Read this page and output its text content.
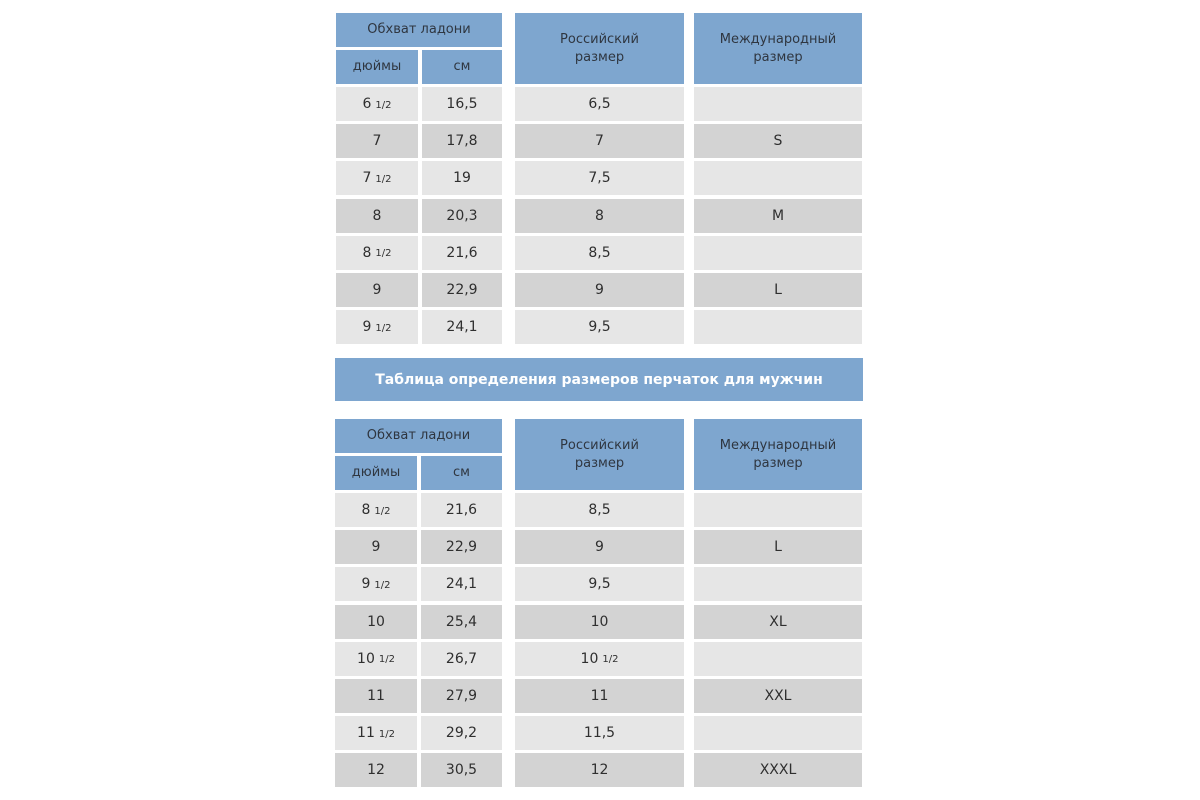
Обхват ладони
дюймы	см
Российский
размер
Международный
размер
6 1/2	16,5	6,5
7	17,8	7	S
7 1/2	19	7,5
8	20,3	8	M
8 1/2	21,6	8,5
9	22,9	9	L
9 1/2	24,1	9,5
Таблица определения размеров перчаток для мужчин
Обхват ладони
дюймы	см
Российский
размер
Международный
размер
8 1/2	21,6	8,5
9	22,9	9	L
9 1/2	24,1	9,5
10	25,4	10	XL
10 1/2	26,7	10 1/2
11	27,9	11	XXL
11 1/2	29,2	11,5
12	30,5	12	XXXL
